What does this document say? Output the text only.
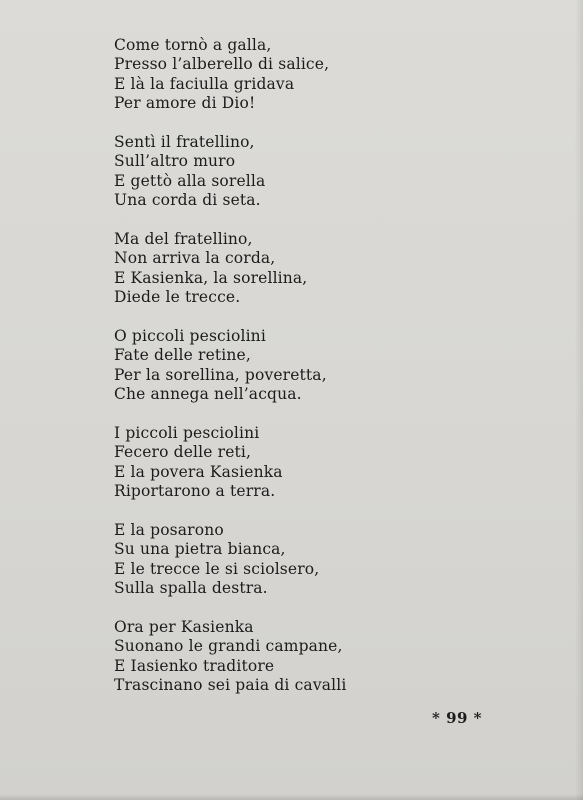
Come tornò a galla,
Presso l’alberello di salice,
E là la faciulla gridava
Per amore di Dio!
Sentì il fratellino,
Sull’altro muro
E gettò alla sorella
Una corda di seta.
Ma del fratellino,
Non arriva la corda,
E Kasienka, la sorellina,
Diede le trecce.
O piccoli pesciolini
Fate delle retine,
Per la sorellina, poveretta,
Che annega nell’acqua.
I piccoli pesciolini
Fecero delle reti,
E la povera Kasienka
Riportarono a terra.
E la posarono
Su una pietra bianca,
E le trecce le si sciolsero,
Sulla spalla destra.
Ora per Kasienka
Suonano le grandi campane,
E Iasienko traditore
Trascinano sei paia di cavalli
* 99 *
